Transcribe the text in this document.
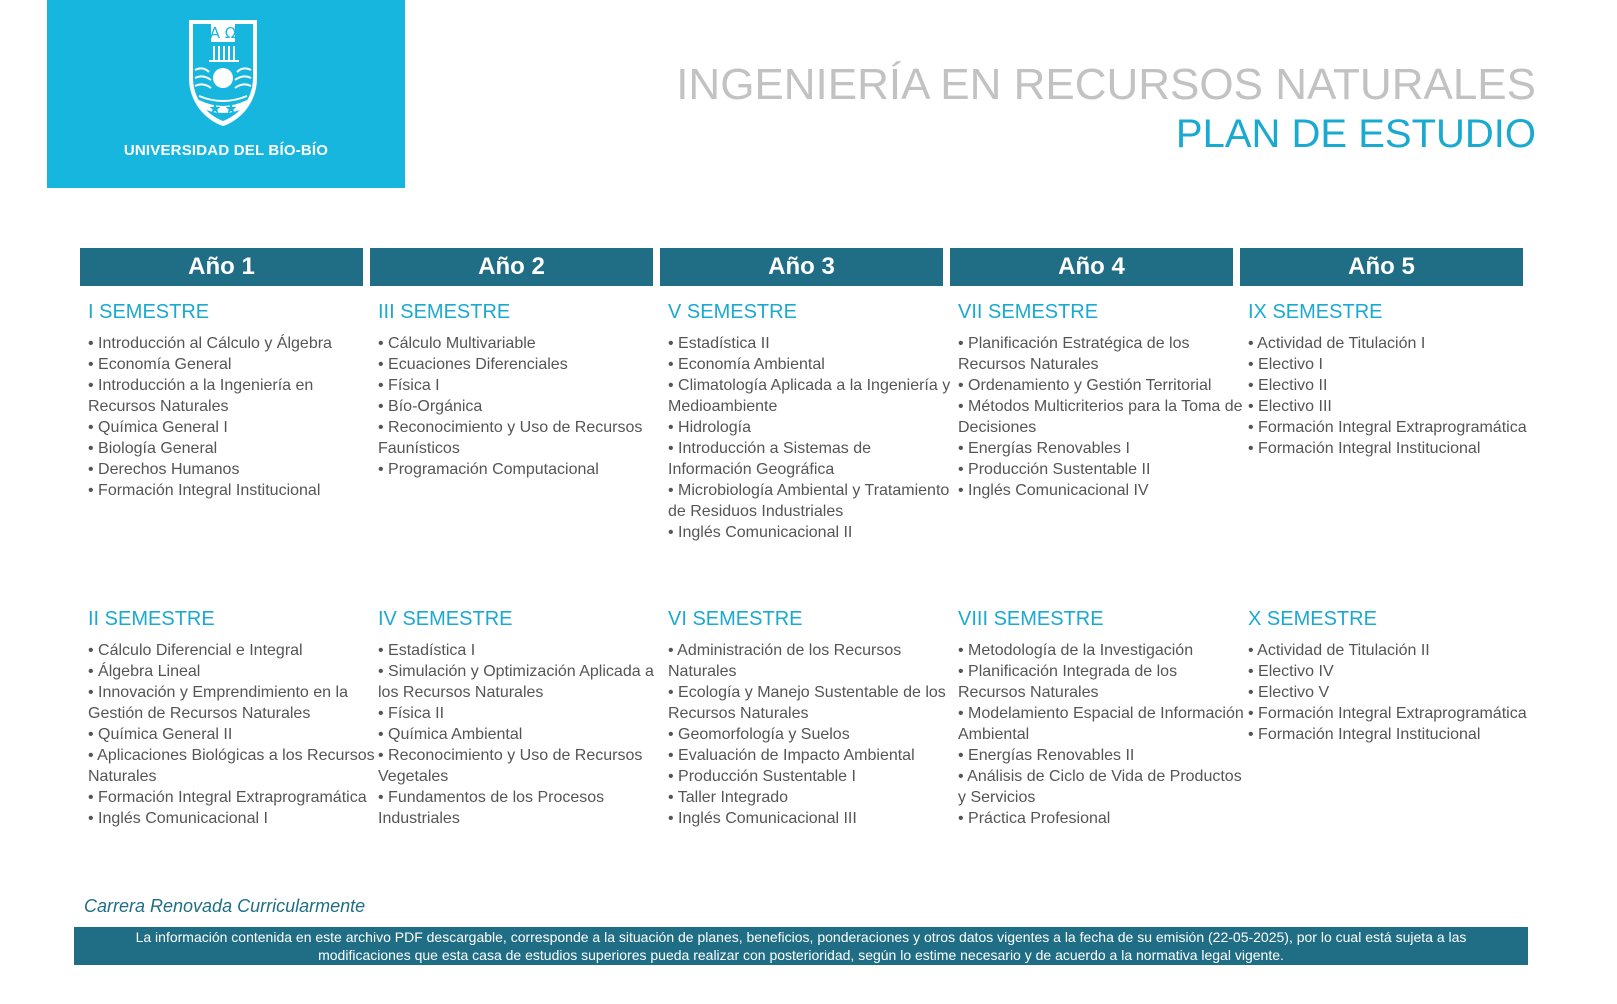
A Ω
UNIVERSIDAD DEL BÍO-BÍO
INGENIERÍA EN RECURSOS NATURALES
PLAN DE ESTUDIO
Año 1	Año 2	Año 3	Año 4	Año 5
I SEMESTRE
• Introducción al Cálculo y Álgebra
• Economía General
• Introducción a la Ingeniería en Recursos Naturales
• Química General I
• Biología General
• Derechos Humanos
• Formación Integral Institucional
III SEMESTRE
• Cálculo Multivariable
• Ecuaciones Diferenciales
• Física I
• Bío-Orgánica
• Reconocimiento y Uso de Recursos Faunísticos
• Programación Computacional
V SEMESTRE
• Estadística II
• Economía Ambiental
• Climatología Aplicada a la Ingeniería y Medioambiente
• Hidrología
• Introducción a Sistemas de Información Geográfica
• Microbiología Ambiental y Tratamiento de Residuos Industriales
• Inglés Comunicacional II
VII SEMESTRE
• Planificación Estratégica de los Recursos Naturales
• Ordenamiento y Gestión Territorial
• Métodos Multicriterios para la Toma de Decisiones
• Energías Renovables I
• Producción Sustentable II
• Inglés Comunicacional IV
IX SEMESTRE
• Actividad de Titulación I
• Electivo I
• Electivo II
• Electivo III
• Formación Integral Extraprogramática
• Formación Integral Institucional
II SEMESTRE
• Cálculo Diferencial e Integral
• Álgebra Lineal
• Innovación y Emprendimiento en la Gestión de Recursos Naturales
• Química General II
• Aplicaciones Biológicas a los Recursos Naturales
• Formación Integral Extraprogramática
• Inglés Comunicacional I
IV SEMESTRE
• Estadística I
• Simulación y Optimización Aplicada a los Recursos Naturales
• Física II
• Química Ambiental
• Reconocimiento y Uso de Recursos Vegetales
• Fundamentos de los Procesos Industriales
VI SEMESTRE
• Administración de los Recursos Naturales
• Ecología y Manejo Sustentable de los Recursos Naturales
• Geomorfología y Suelos
• Evaluación de Impacto Ambiental
• Producción Sustentable I
• Taller Integrado
• Inglés Comunicacional III
VIII SEMESTRE
• Metodología de la Investigación
• Planificación Integrada de los Recursos Naturales
• Modelamiento Espacial de Información Ambiental
• Energías Renovables II
• Análisis de Ciclo de Vida de Productos y Servicios
• Práctica Profesional
X SEMESTRE
• Actividad de Titulación II
• Electivo IV
• Electivo V
• Formación Integral Extraprogramática
• Formación Integral Institucional
Carrera Renovada Curricularmente
La información contenida en este archivo PDF descargable, corresponde a la situación de planes, beneficios, ponderaciones y otros datos vigentes a la fecha de su emisión (22-05-2025), por lo cual está sujeta a las
modificaciones que esta casa de estudios superiores pueda realizar con posterioridad, según lo estime necesario y de acuerdo a la normativa legal vigente.
